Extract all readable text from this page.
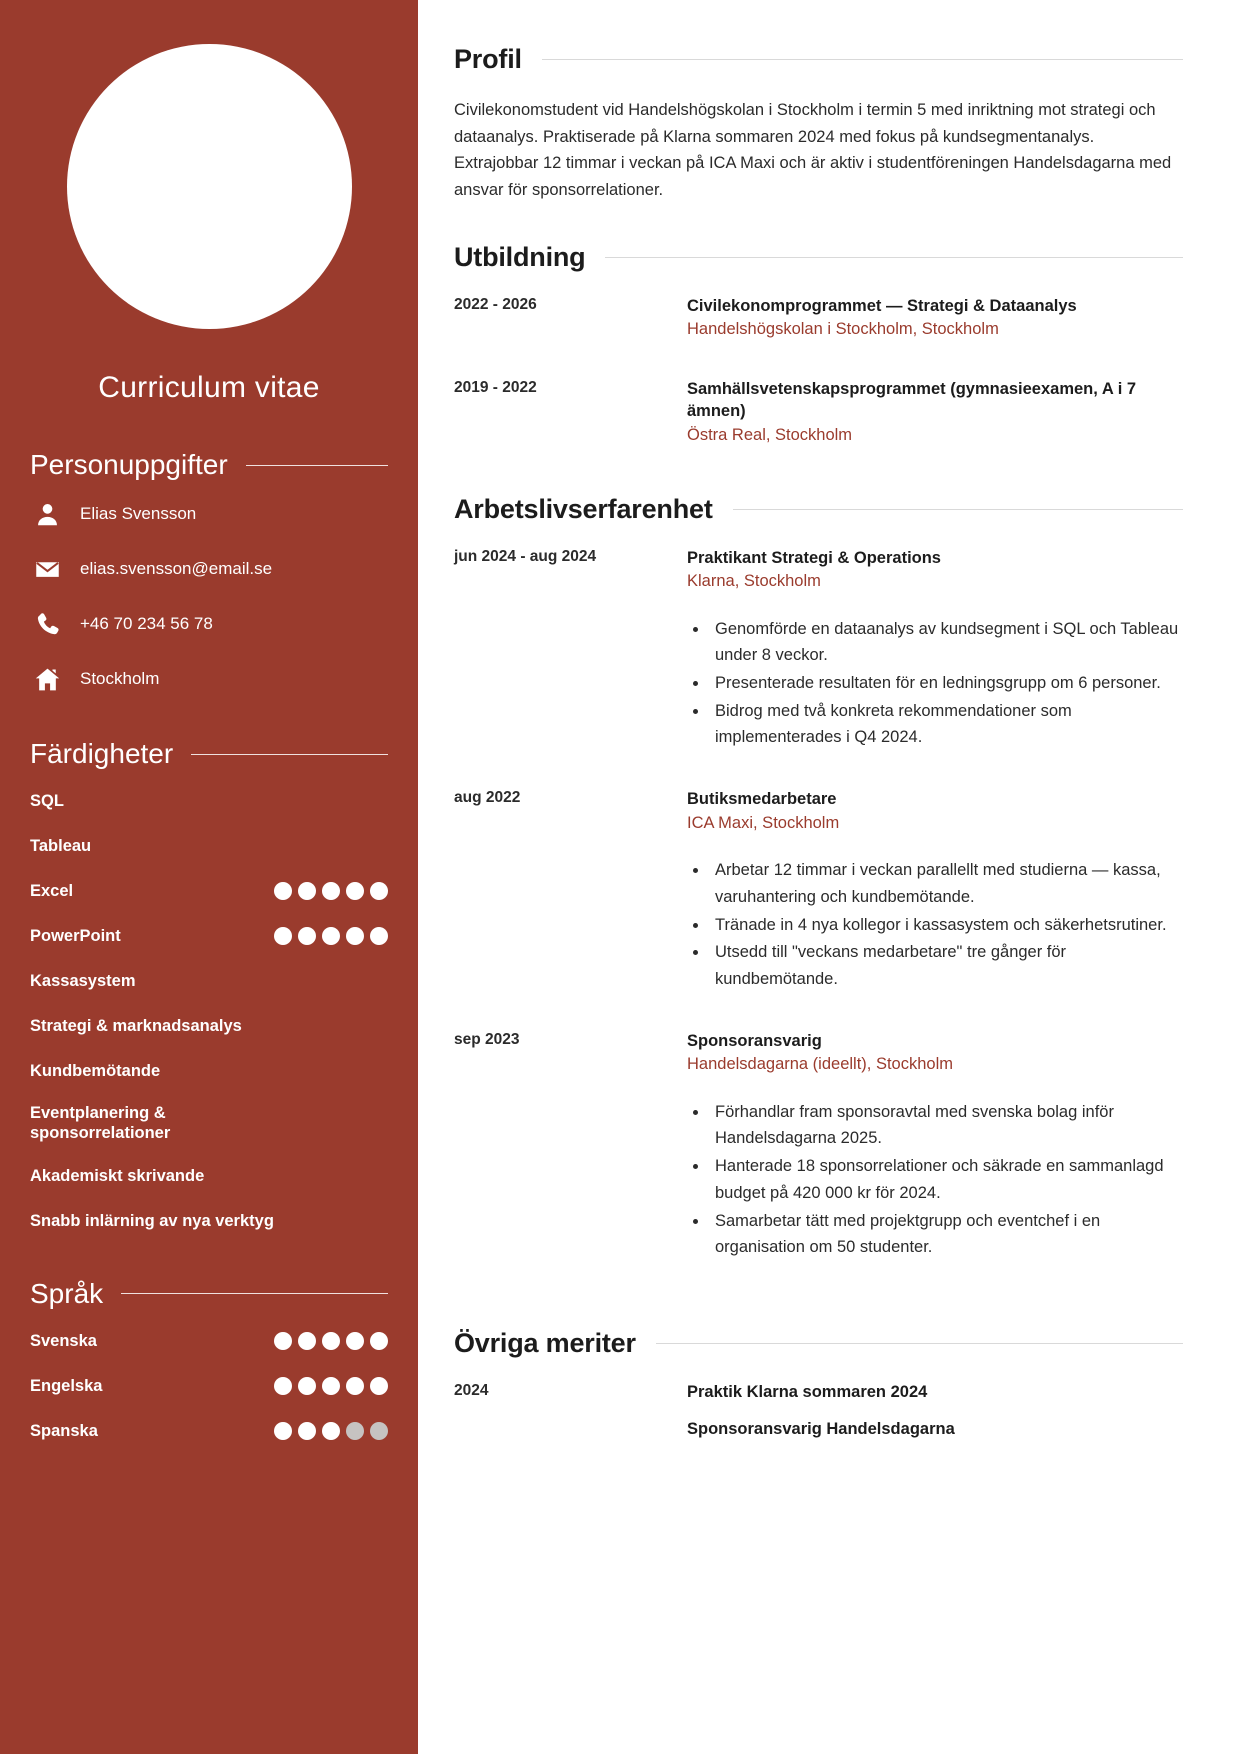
Curriculum vitae
Personuppgifter
Elias Svensson
elias.svensson@email.se
+46 70 234 56 78
Stockholm
Färdigheter
SQL
Tableau
Excel
PowerPoint
Kassasystem
Strategi & marknadsanalys
Kundbemötande
Eventplanering & sponsorrelationer
Akademiskt skrivande
Snabb inlärning av nya verktyg
Språk
Svenska
Engelska
Spanska
Profil

Civilekonomstudent vid Handelshögskolan i Stockholm i termin 5 med inriktning mot strategi och dataanalys. Praktiserade på Klarna sommaren 2024 med fokus på kundsegmentanalys. Extrajobbar 12 timmar i veckan på ICA Maxi och är aktiv i studentföreningen Handelsdagarna med ansvar för sponsorrelationer.

Utbildning
2022 - 2026	Civilekonomprogrammet — Strategi & Dataanalys
Handelshögskolan i Stockholm, Stockholm
2019 - 2022	Samhällsvetenskapsprogrammet (gymnasieexamen, A i 7 ämnen)
Östra Real, Stockholm
Arbetslivserfarenhet
jun 2024 - aug 2024	Praktikant Strategi & Operations
Klarna, Stockholm
• Genomförde en dataanalys av kundsegment i SQL och Tableau under 8 veckor.
• Presenterade resultaten för en ledningsgrupp om 6 personer.
• Bidrog med två konkreta rekommendationer som implementerades i Q4 2024.
aug 2022	Butiksmedarbetare
ICA Maxi, Stockholm
• Arbetar 12 timmar i veckan parallellt med studierna — kassa, varuhantering och kundbemötande.
• Tränade in 4 nya kollegor i kassasystem och säkerhetsrutiner.
• Utsedd till "veckans medarbetare" tre gånger för kundbemötande.
sep 2023	Sponsoransvarig
Handelsdagarna (ideellt), Stockholm
• Förhandlar fram sponsoravtal med svenska bolag inför Handelsdagarna 2025.
• Hanterade 18 sponsorrelationer och säkrade en sammanlagd budget på 420 000 kr för 2024.
• Samarbetar tätt med projektgrupp och eventchef i en organisation om 50 studenter.
Övriga meriter
2024	Praktik Klarna sommaren 2024
Sponsoransvarig Handelsdagarna
